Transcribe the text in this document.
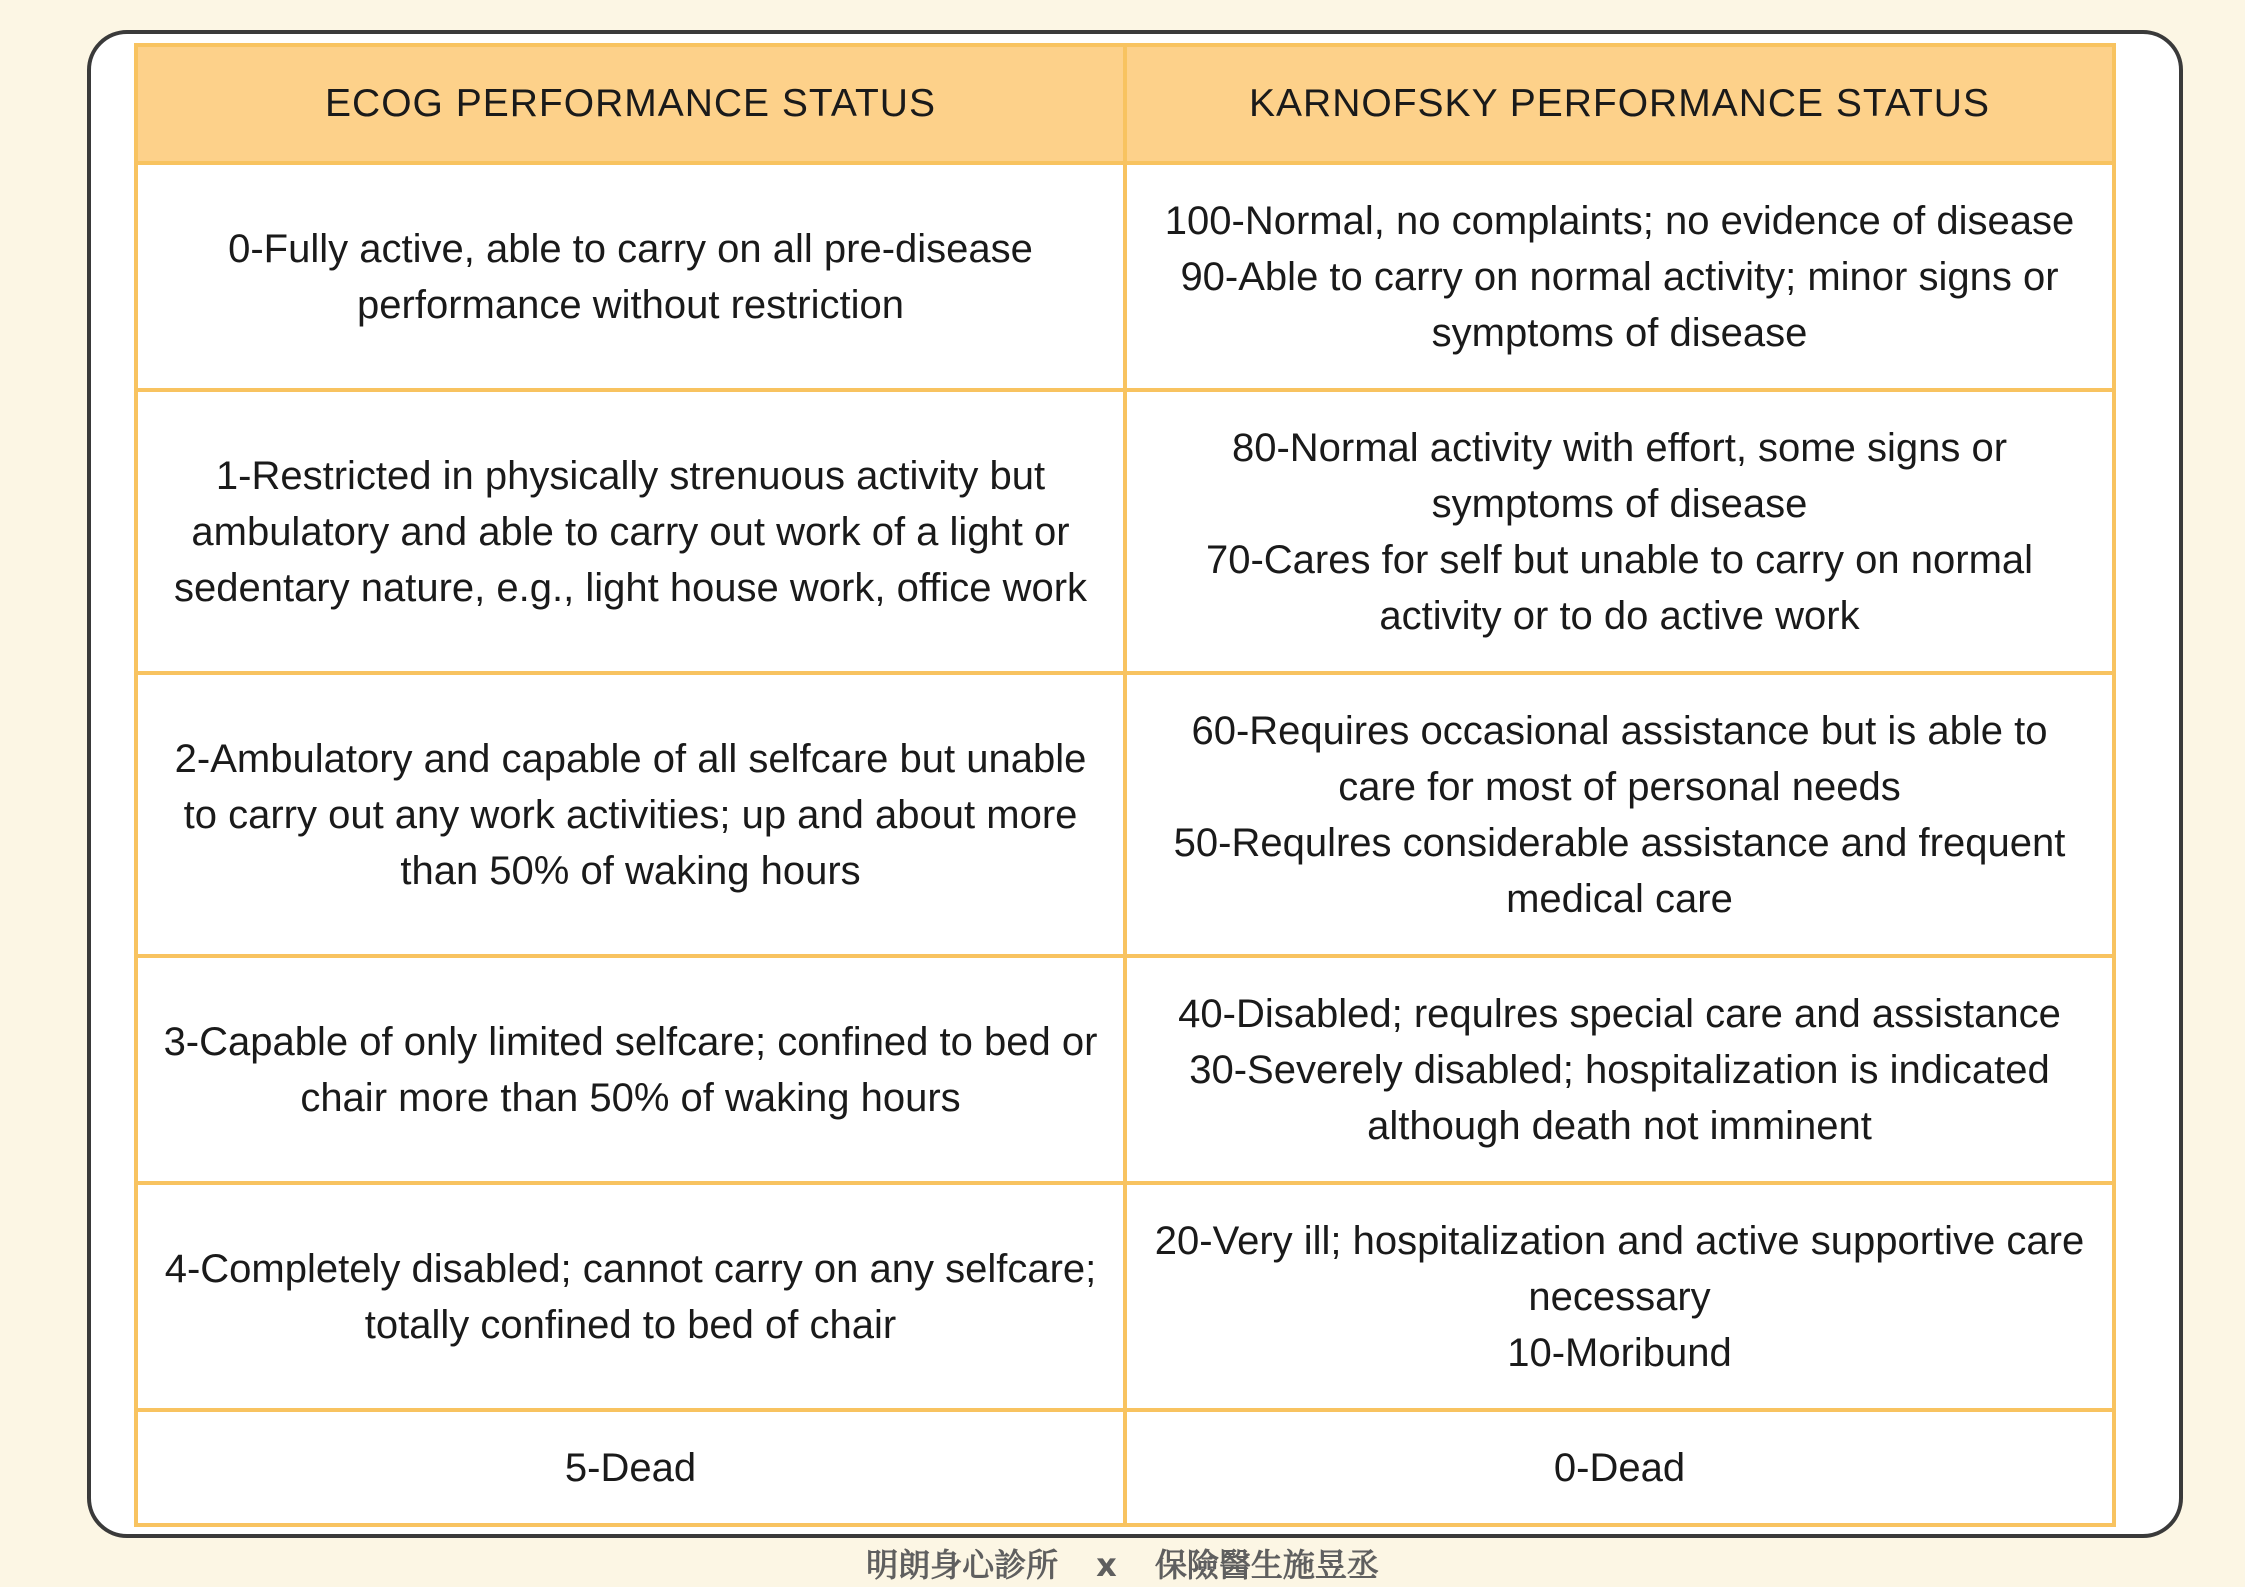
ECOG PERFORMANCE STATUS	KARNOFSKY PERFORMANCE STATUS

0-Fully active, able to carry on all pre-disease
performance without restriction	100-Normal, no complaints; no evidence of disease
90-Able to carry on normal activity; minor signs or
symptoms of disease

1-Restricted in physically strenuous activity but
ambulatory and able to carry out work of a light or
sedentary nature, e.g., light house work, office work	80-Normal activity with effort, some signs or
symptoms of disease
70-Cares for self but unable to carry on normal
activity or to do active work

2-Ambulatory and capable of all selfcare but unable
to carry out any work activities; up and about more
than 50% of waking hours	60-Requires occasional assistance but is able to
care for most of personal needs
50-Requlres considerable assistance and frequent
medical care

3-Capable of only limited selfcare; confined to bed or
chair more than 50% of waking hours	40-Disabled; requlres special care and assistance
30-Severely disabled; hospitalization is indicated
although death not imminent

4-Completely disabled; cannot carry on any selfcare;
totally confined to bed of chair	20-Very ill; hospitalization and active supportive care
necessary
10-Moribund

5-Dead	0-Dead
明朗身心診所 x 保險醫生施昱丞
